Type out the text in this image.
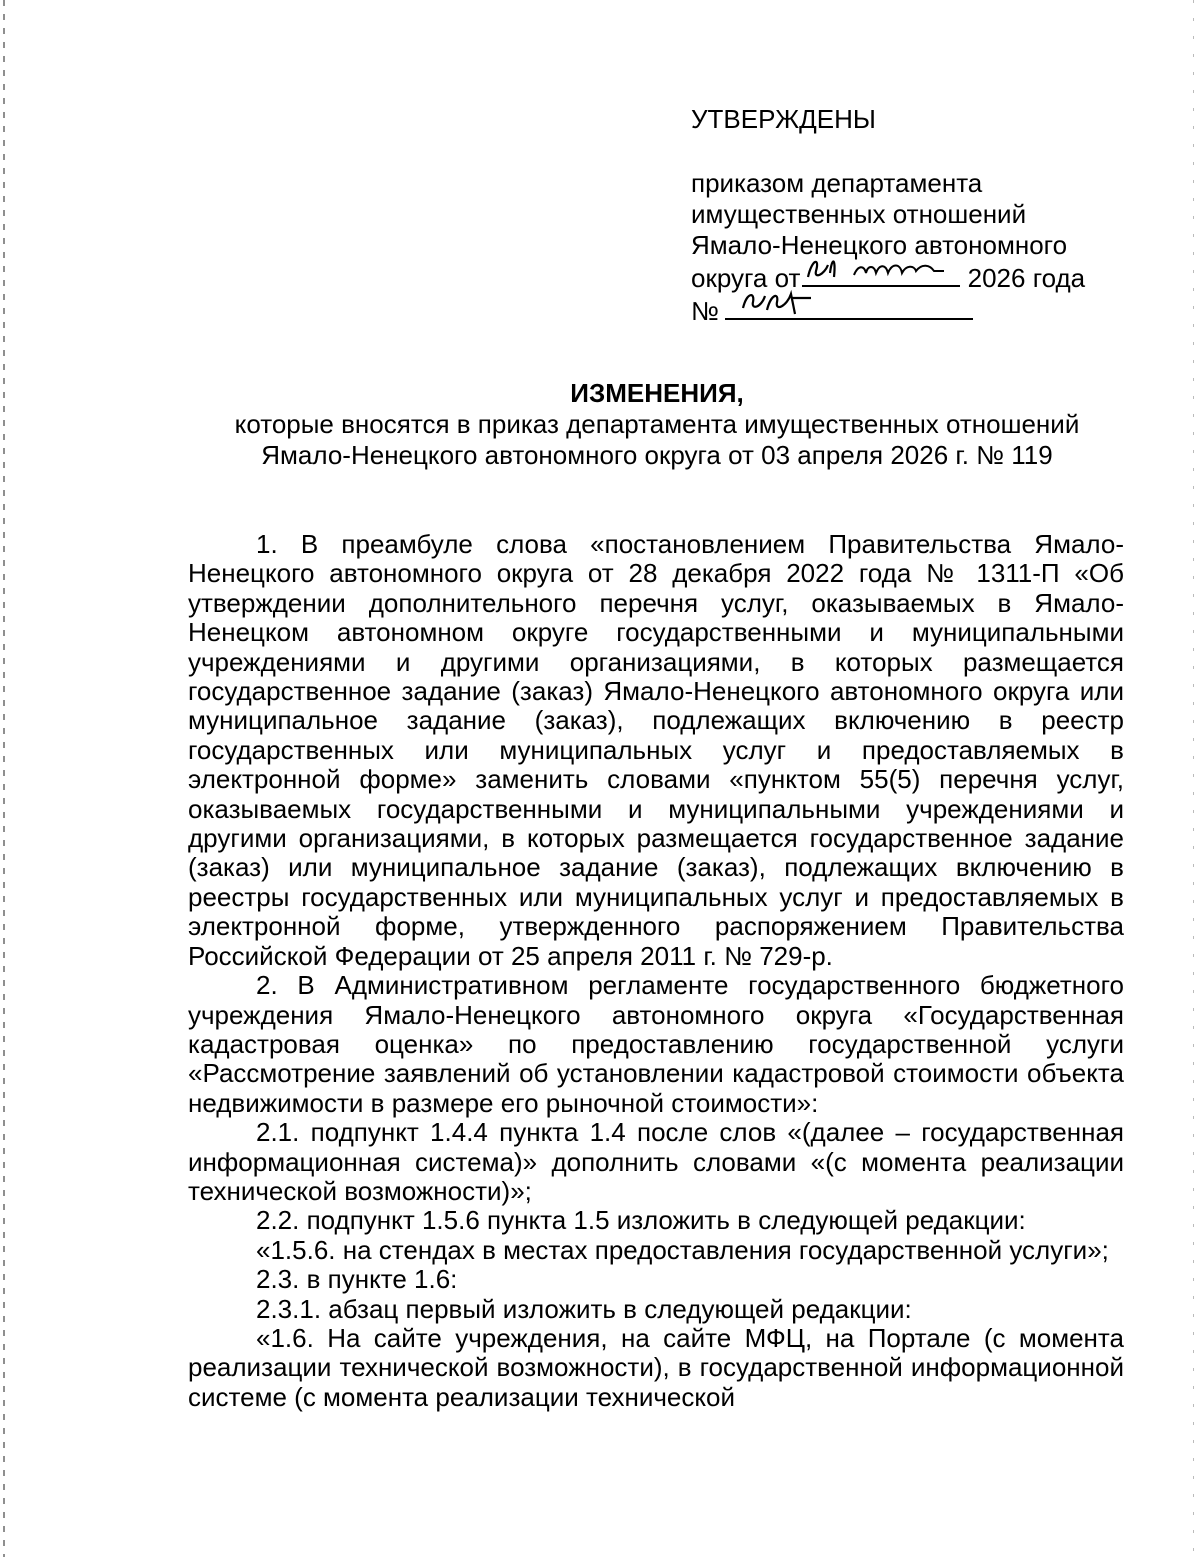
УТВЕРЖДЕНЫ
приказом департамента
имущественных отношений
Ямало-Ненецкого автономного
округа от	2026 года
№
ИЗМЕНЕНИЯ,
которые вносятся в приказ департамента имущественных отношений
Ямало-Ненецкого автономного округа от 03 апреля 2026 г. № 119

1. В преамбуле слова «постановлением Правительства Ямало-Ненецкого автономного округа от 28 декабря 2022 года № 1311-П «Об утверждении дополнительного перечня услуг, оказываемых в Ямало-Ненецком автономном округе государственными и муниципальными учреждениями и другими организациями, в которых размещается государственное задание (заказ) Ямало-Ненецкого автономного округа или муниципальное задание (заказ), подлежащих включению в реестр государственных или муниципальных услуг и предоставляемых в электронной форме» заменить словами «пунктом 55(5) перечня услуг, оказываемых государственными и муниципальными учреждениями и другими организациями, в которых размещается государственное задание (заказ) или муниципальное задание (заказ), подлежащих включению в реестры государственных или муниципальных услуг и предоставляемых в электронной форме, утвержденного распоряжением Правительства Российской Федерации от 25 апреля 2011 г. № 729-р.

2. В Административном регламенте государственного бюджетного учреждения Ямало-Ненецкого автономного округа «Государственная кадастровая оценка» по предоставлению государственной услуги «Рассмотрение заявлений об установлении кадастровой стоимости объекта недвижимости в размере его рыночной стоимости»:

2.1. подпункт 1.4.4 пункта 1.4 после слов «(далее – государственная информационная система)» дополнить словами «(с момента реализации технической возможности)»;

2.2. подпункт 1.5.6 пункта 1.5 изложить в следующей редакции:

«1.5.6. на стендах в местах предоставления государственной услуги»;

2.3. в пункте 1.6:

2.3.1. абзац первый изложить в следующей редакции:

«1.6. На сайте учреждения, на сайте МФЦ, на Портале (с момента реализации технической возможности), в государственной информационной системе (с момента реализации технической
